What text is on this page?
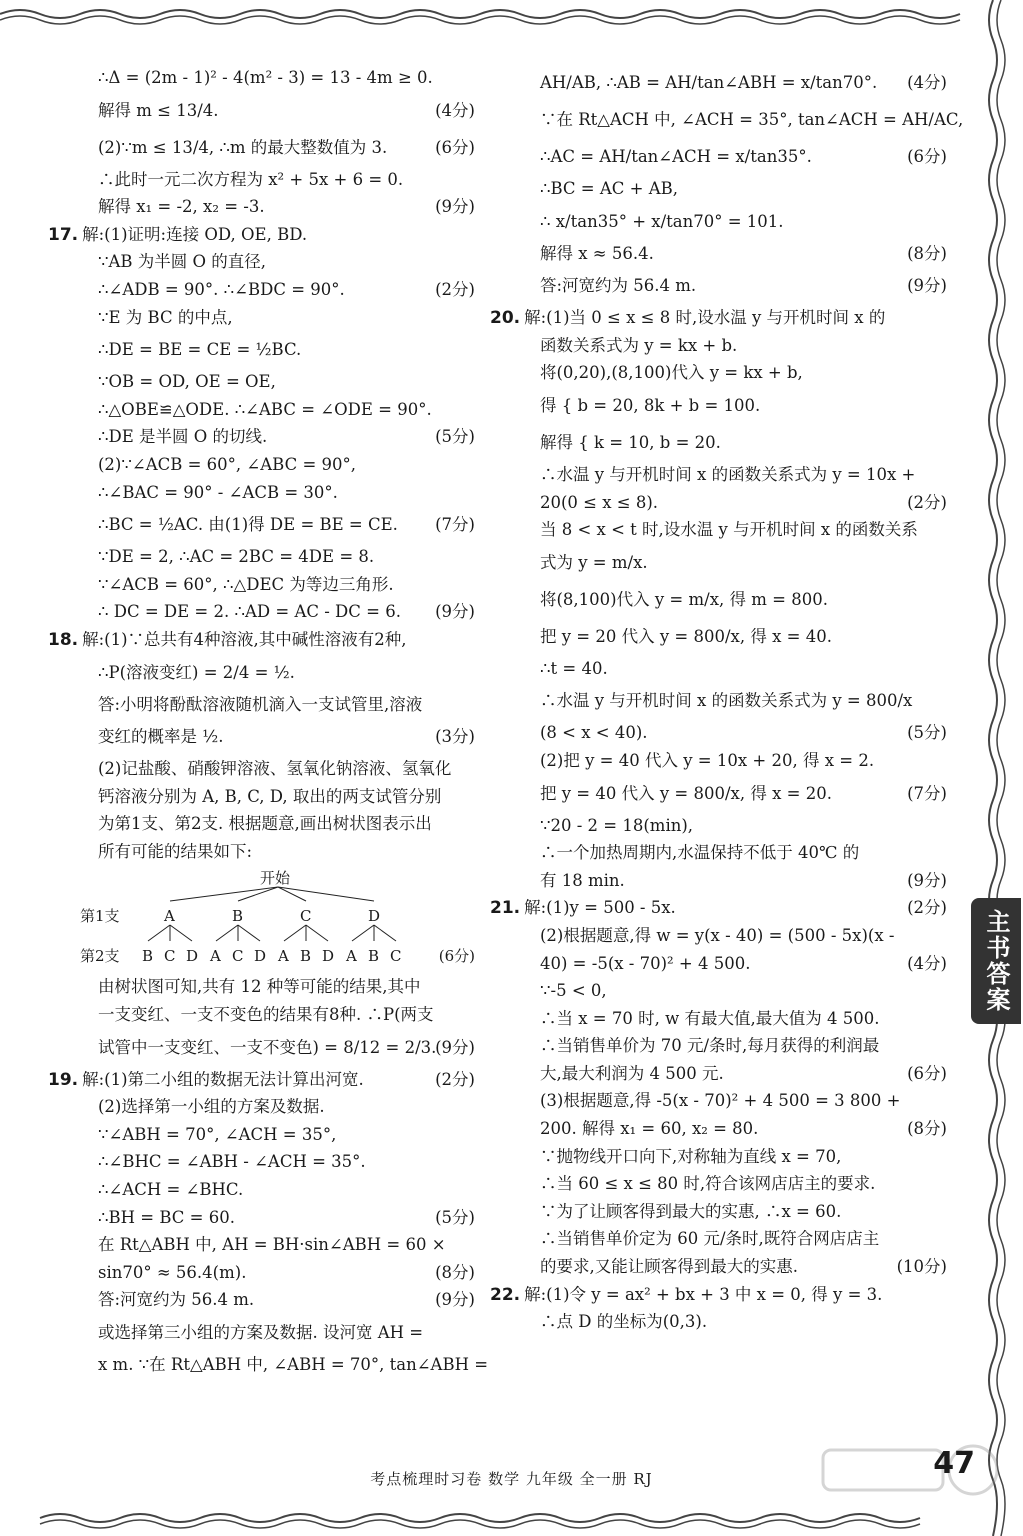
∴Δ = (2m - 1)² - 4(m² - 3) = 13 - 4m ≥ 0.
解得 m ≤ 13/4.	(4分)
(2)∵m ≤ 13/4, ∴m 的最大整数值为 3.	(6分)
∴此时一元二次方程为 x² + 5x + 6 = 0.
解得 x₁ = -2, x₂ = -3.	(9分)
17. 解:(1)证明:连接 OD, OE, BD.
∵AB 为半圆 O 的直径,
∴∠ADB = 90°. ∴∠BDC = 90°.	(2分)
∵E 为 BC 的中点,
∴DE = BE = CE = ½BC.
∵OB = OD, OE = OE,
∴△OBE≌△ODE. ∴∠ABC = ∠ODE = 90°.
∴DE 是半圆 O 的切线.	(5分)
(2)∵∠ACB = 60°, ∠ABC = 90°,
∴∠BAC = 90° - ∠ACB = 30°.
∴BC = ½AC. 由(1)得 DE = BE = CE. (7分)
∵DE = 2, ∴AC = 2BC = 4DE = 8.
∵∠ACB = 60°, ∴△DEC 为等边三角形.
∴ DC = DE = 2. ∴AD = AC - DC = 6. (9分)
18. 解:(1)∵总共有4种溶液,其中碱性溶液有2种,
∴P(溶液变红) = 2/4 = ½.
答:小明将酚酞溶液随机滴入一支试管里,溶液
变红的概率是 ½.	(3分)
(2)记盐酸、硝酸钾溶液、氢氧化钠溶液、氢氧化
钙溶液分别为 A, B, C, D, 取出的两支试管分别
为第1支、第2支. 根据题意,画出树状图表示出
所有可能的结果如下:
开始
第1支	A	B	C	D
第2支 B C D A C D A B D A B C (6分)
由树状图可知,共有 12 种等可能的结果,其中
一支变红、一支不变色的结果有8种. ∴P(两支
试管中一支变红、一支不变色) = 8/12 = 2/3.
(9分)
19. 解:(1)第二小组的数据无法计算出河宽.	(2分)
(2)选择第一小组的方案及数据.
∵∠ABH = 70°, ∠ACH = 35°,
∴∠BHC = ∠ABH - ∠ACH = 35°.
∴∠ACH = ∠BHC.
∴BH = BC = 60.	(5分)
在 Rt△ABH 中, AH = BH·sin∠ABH = 60 ×
sin70° ≈ 56.4(m).	(8分)
答:河宽约为 56.4 m.	(9分)
或选择第三小组的方案及数据. 设河宽 AH =
x m. ∵在 Rt△ABH 中, ∠ABH = 70°, tan∠ABH =
AH/AB, ∴AB = AH/tan∠ABH = x/tan70°. (4分)
∵在 Rt△ACH 中, ∠ACH = 35°, tan∠ACH = AH/AC,
∴AC = AH/tan∠ACH = x/tan35°.	(6分)
∴BC = AC + AB,
∴ x/tan35° + x/tan70° = 101.
解得 x ≈ 56.4.	(8分)
答:河宽约为 56.4 m.	(9分)
20. 解:(1)当 0 ≤ x ≤ 8 时,设水温 y 与开机时间 x 的
函数关系式为 y = kx + b.
将(0,20),(8,100)代入 y = kx + b,
得 { b = 20, 8k + b = 100.
解得 { k = 10, b = 20.
∴水温 y 与开机时间 x 的函数关系式为 y = 10x +
20(0 ≤ x ≤ 8).	(2分)
当 8 < x < t 时,设水温 y 与开机时间 x 的函数关系
式为 y = m/x.
将(8,100)代入 y = m/x, 得 m = 800.
把 y = 20 代入 y = 800/x, 得 x = 40.
∴t = 40.
∴水温 y 与开机时间 x 的函数关系式为 y = 800/x
(8 < x < 40).	(5分)
(2)把 y = 40 代入 y = 10x + 20, 得 x = 2.
把 y = 40 代入 y = 800/x, 得 x = 20.	(7分)
∵20 - 2 = 18(min),
∴一个加热周期内,水温保持不低于 40℃ 的
有 18 min.	(9分)
21. 解:(1)y = 500 - 5x.	(2分)
(2)根据题意,得 w = y(x - 40) = (500 - 5x)(x -
40) = -5(x - 70)² + 4 500.	(4分)
∵-5 < 0,
∴当 x = 70 时, w 有最大值,最大值为 4 500.
∴当销售单价为 70 元/条时,每月获得的利润最
大,最大利润为 4 500 元.	(6分)
(3)根据题意,得 -5(x - 70)² + 4 500 = 3 800 +
200. 解得 x₁ = 60, x₂ = 80.	(8分)
∵抛物线开口向下,对称轴为直线 x = 70,
∴当 60 ≤ x ≤ 80 时,符合该网店店主的要求.
∵为了让顾客得到最大的实惠, ∴x = 60.
∴当销售单价定为 60 元/条时,既符合网店店主
的要求,又能让顾客得到最大的实惠.	(10分)
22. 解:(1)令 y = ax² + bx + 3 中 x = 0, 得 y = 3.
∴点 D 的坐标为(0,3).
主书答案
考点梳理时习卷 数学 九年级 全一册 RJ	47
